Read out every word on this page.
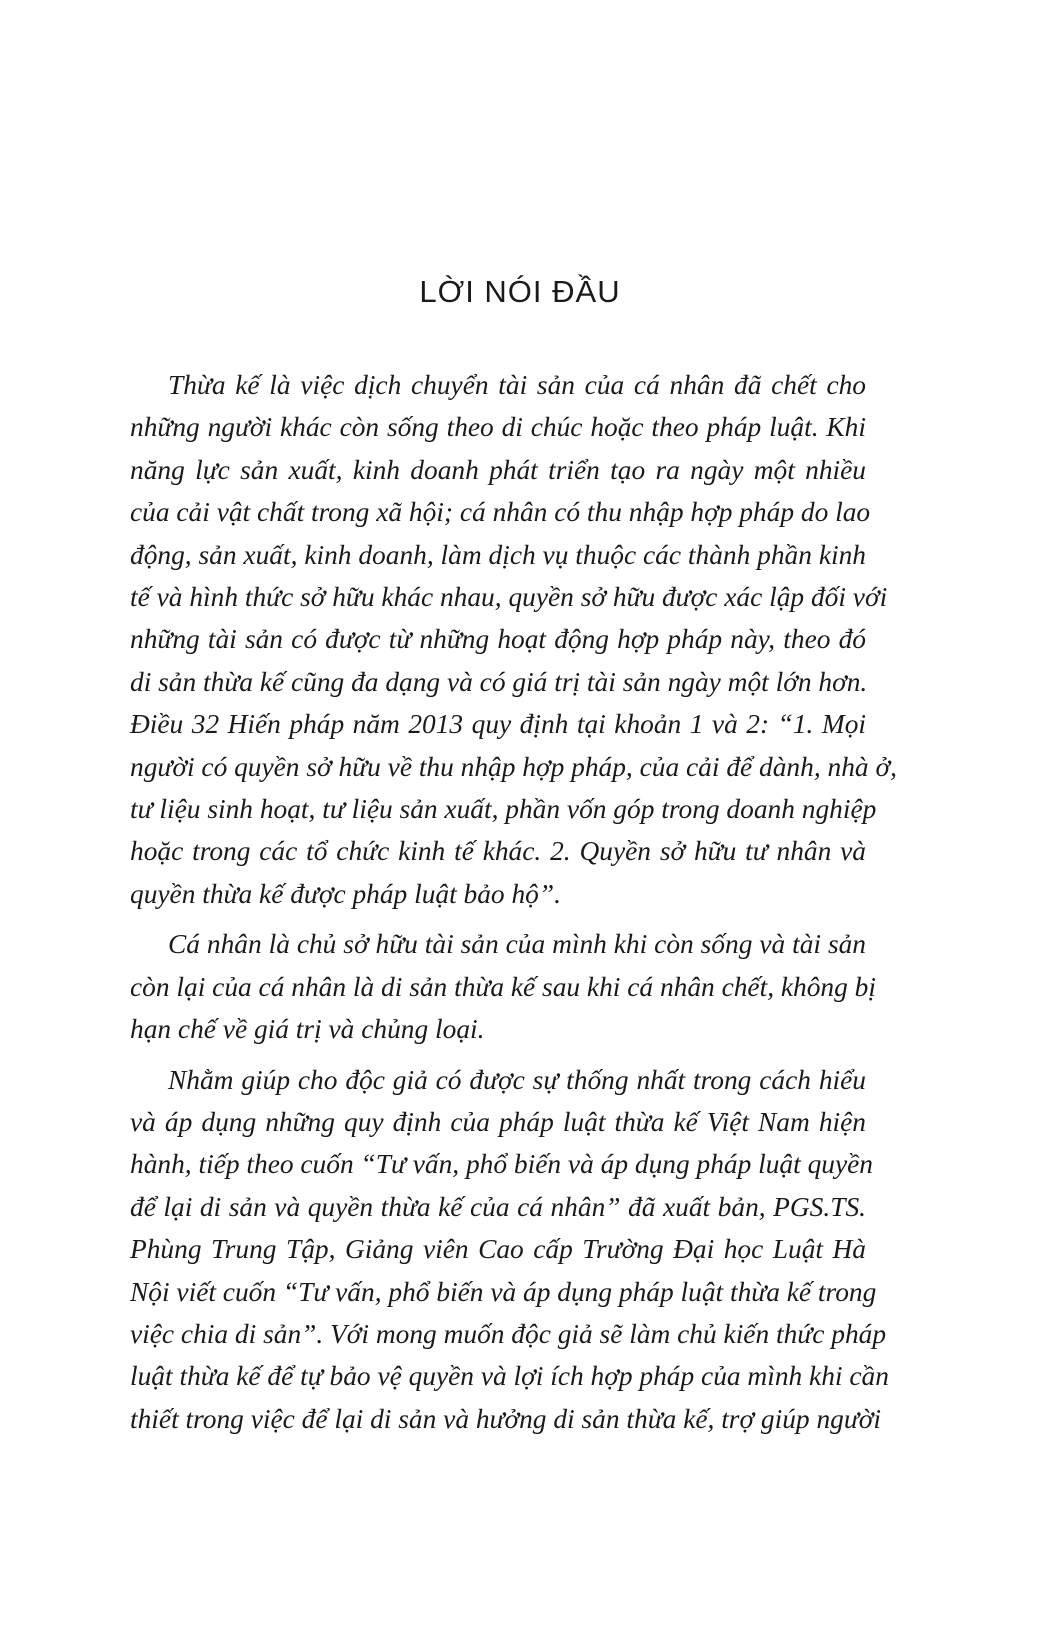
LỜI NÓI ĐẦU

Thừa kế là việc dịch chuyển tài sản của cá nhân đã chết cho
những người khác còn sống theo di chúc hoặc theo pháp luật. Khi
năng lực sản xuất, kinh doanh phát triển tạo ra ngày một nhiều
của cải vật chất trong xã hội; cá nhân có thu nhập hợp pháp do lao
động, sản xuất, kinh doanh, làm dịch vụ thuộc các thành phần kinh
tế và hình thức sở hữu khác nhau, quyền sở hữu được xác lập đối với
những tài sản có được từ những hoạt động hợp pháp này, theo đó
di sản thừa kế cũng đa dạng và có giá trị tài sản ngày một lớn hơn.
Điều 32 Hiến pháp năm 2013 quy định tại khoản 1 và 2: “1. Mọi
người có quyền sở hữu về thu nhập hợp pháp, của cải để dành, nhà ở,
tư liệu sinh hoạt, tư liệu sản xuất, phần vốn góp trong doanh nghiệp
hoặc trong các tổ chức kinh tế khác. 2. Quyền sở hữu tư nhân và
quyền thừa kế được pháp luật bảo hộ”.

Cá nhân là chủ sở hữu tài sản của mình khi còn sống và tài sản
còn lại của cá nhân là di sản thừa kế sau khi cá nhân chết, không bị
hạn chế về giá trị và chủng loại.

Nhằm giúp cho độc giả có được sự thống nhất trong cách hiểu
và áp dụng những quy định của pháp luật thừa kế Việt Nam hiện
hành, tiếp theo cuốn “Tư vấn, phổ biến và áp dụng pháp luật quyền
để lại di sản và quyền thừa kế của cá nhân” đã xuất bản, PGS.TS.
Phùng Trung Tập, Giảng viên Cao cấp Trường Đại học Luật Hà
Nội viết cuốn “Tư vấn, phổ biến và áp dụng pháp luật thừa kế trong
việc chia di sản”. Với mong muốn độc giả sẽ làm chủ kiến thức pháp
luật thừa kế để tự bảo vệ quyền và lợi ích hợp pháp của mình khi cần
thiết trong việc để lại di sản và hưởng di sản thừa kế, trợ giúp người
